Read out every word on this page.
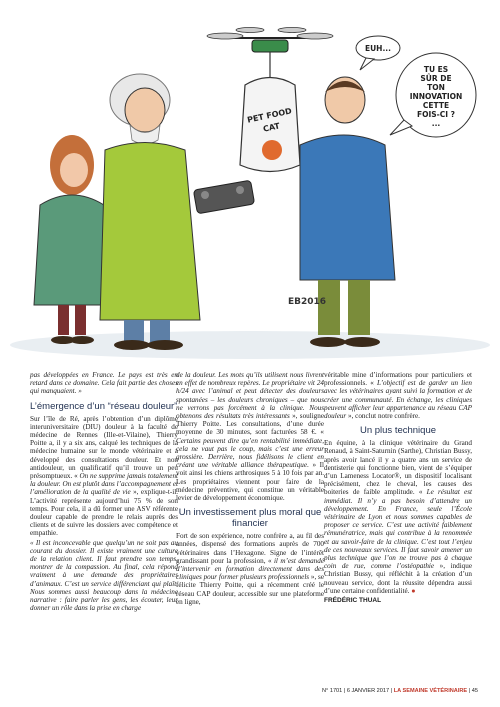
PET FOOD
CAT
EUH...
TU ES
SÛR DE
TON
INNOVATION
CETTE
FOIS-CI ?
...
EB2016

pas développées en France. Le pays est très en retard dans ce domaine. Cela fait partie des choses qui manquaient. »

L’émergence d’un “réseau douleur”

Sur l’île de Ré, après l’obtention d’un diplôme interuniversitaire (DIU) douleur à la faculté de médecine de Rennes (Ille-et-Vilaine), Thierry Poitte a, il y a six ans, calqué les techniques de la médecine humaine sur le monde vétérinaire et a développé des consultations douleur. Et non antidouleur, un qualificatif qu’il trouve un peu présomptueux. « On ne supprime jamais totalement la douleur. On est plutôt dans l’accompagnement et l’amélioration de la qualité de vie », explique-t-il. L’activité représente aujourd’hui 75 % de son temps. Pour cela, il a dû former une ASV référente douleur capable de prendre le relais auprès des clients et de suivre les dossiers avec compétence et empathie.

« Il est inconcevable que quelqu’un ne soit pas au courant du dossier. Il existe vraiment une culture de la relation client. Il faut prendre son temps, montrer de la compassion. Au final, cela répond vraiment à une demande des propriétaires d’animaux. C’est un service différenciant qui plaît. Nous sommes aussi beaucoup dans la médecine narrative : faire parler les gens, les écouter, leur donner un rôle dans la prise en charge

de la douleur. Les mots qu’ils utilisent nous livrent en effet de nombreux repères. Le propriétaire vit 24 h/24 avec l’animal et peut détecter des douleurs spontanées – les douleurs chroniques – que nous ne verrons pas forcément à la clinique. Nous obtenons des résultats très intéressants », souligne Thierry Poitte. Les consultations, d’une durée moyenne de 30 minutes, sont facturées 58 €. « Certains peuvent dire qu’en rentabilité immédiate, cela ne vaut pas le coup, mais c’est une erreur grossière. Derrière, nous fidélisons le client en créant une véritable alliance thérapeutique. » Il voit ainsi les chiens arthrosiques 5 à 10 fois par an. Les propriétaires viennent pour faire de la médecine préventive, qui constitue un véritable levier de développement économique.

Un investissement plus moral que financier

Fort de son expérience, notre confrère a, au fil des années, dispensé des formations auprès de 700 vétérinaires dans l’Hexagone. Signe de l’intérêt grandissant pour la profession, « il m’est demandé d’intervenir en formation directement dans des cliniques pour former plusieurs professionnels », se félicite Thierry Poitte, qui a récemment créé le réseau CAP douleur, accessible sur une plateforme en ligne,

véritable mine d’informations pour particuliers et professionnels. « L’objectif est de garder un lien avec les vétérinaires ayant suivi la formation et de créer une communauté. En échange, les cliniques peuvent afficher leur appartenance au réseau CAP douleur », conclut notre confrère.

Un plus technique

En équine, à la clinique vétérinaire du Grand Renaud, à Saint-Saturnin (Sarthe), Christian Bussy, après avoir lancé il y a quatre ans un service de dentisterie qui fonctionne bien, vient de s’équiper d’un Lameness Locator®, un dispositif localisant précisément, chez le cheval, les causes des boiteries de faible amplitude. « Le résultat est immédiat. Il n’y a pas besoin d’attendre un développement. En France, seule l’École vétérinaire de Lyon et nous sommes capables de proposer ce service. C’est une activité faiblement rémunératrice, mais qui contribue à la renommée et au savoir-faire de la clinique. C’est tout l’enjeu de ces nouveaux services. Il faut savoir amener un plus technique que l’on ne trouve pas à chaque coin de rue, comme l’ostéopathie », indique Christian Bussy, qui réfléchit à la création d’un nouveau service, dont la réussite dépendra aussi d’une certaine confidentialité. ●

FRÉDÉRIC THUAL
N° 1701 | 6 JANVIER 2017 | LA SEMAINE VÉTÉRINAIRE | 45
